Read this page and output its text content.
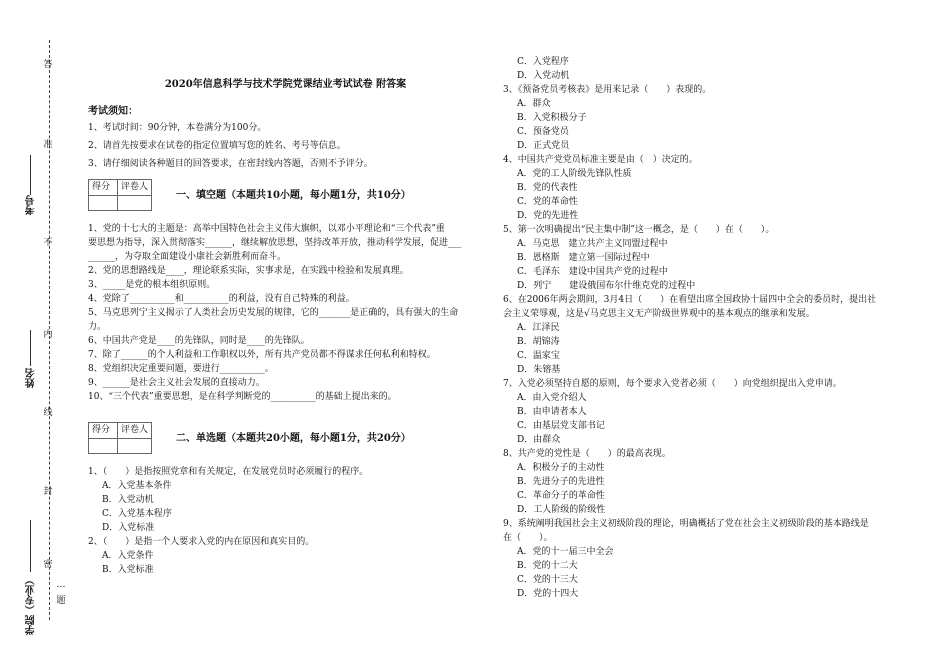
答
准
不
内
线
封
密
题
…
考号
姓名
学院（专业）
2020年信息科学与技术学院党课结业考试试卷 附答案
考试须知：
1、考试时间：90分钟，本卷满分为100分。
2、请首先按要求在试卷的指定位置填写您的姓名、考号等信息。
3、请仔细阅读各种题目的回答要求，在密封线内答题，否则不予评分。
得分	评卷人

一、填空题（本题共10小题，每小题1分，共10分）
1、党的十七大的主题是：高举中国特色社会主义伟大旗帜，以邓小平理论和“三个代表”重
要思想为指导，深入贯彻落实______，继续解放思想，坚持改革开放，推动科学发展，促进___
______，为夺取全面建设小康社会新胜利而奋斗。
2、党的思想路线是____，理论联系实际，实事求是，在实践中检验和发展真理。
3、_____是党的根本组织原则。
4、党除了__________和__________的利益，没有自己特殊的利益。
5、马克思列宁主义揭示了人类社会历史发展的规律，它的_______是正确的，具有强大的生命
力。
6、中国共产党是____的先锋队，同时是____的先锋队。
7、除了______的个人利益和工作职权以外，所有共产党员都不得谋求任何私利和特权。
8、党组织决定重要问题，要进行__________。
9、______是社会主义社会发展的直接动力。
10、“三个代表”重要思想，是在科学判断党的__________的基础上提出来的。
得分	评卷人

二、单选题（本题共20小题，每小题1分，共20分）
1、（　　）是指按照党章和有关规定，在发展党员时必须履行的程序。
A．入党基本条件
B．入党动机
C．入党基本程序
D．入党标准
2、（　　）是指一个人要求入党的内在原因和真实目的。
A．入党条件
B．入党标准
C．入党程序
D．入党动机
3、《预备党员考核表》是用来记录（　　）表现的。
A．群众
B．入党积极分子
C．预备党员
D．正式党员
4、中国共产党党员标准主要是由（　）决定的。
A．党的工人阶级先锋队性质
B．党的代表性
C．党的革命性
D．党的先进性
5、第一次明确提出“民主集中制”这一概念，是（　　）在（　　）。
A．马克思　建立共产主义同盟过程中
B．恩格斯　建立第一国际过程中
C．毛泽东　建设中国共产党的过程中
D．列宁　　建设俄国布尔什维克党的过程中
6、在2006年两会期间，3月4日（　　）在看望出席全国政协十届四中全会的委员时，提出社
会主义荣辱观，这是√马克思主义无产阶级世界观中的基本观点的继承和发展。
A．江泽民
B．胡锦涛
C．温家宝
D．朱镕基
7、入党必须坚持自愿的原则，每个要求入党者必须（　　）向党组织提出入党申请。
A．由入党介绍人
B．由申请者本人
C．由基层党支部书记
D．由群众
8、共产党的党性是（　　）的最高表现。
A．积极分子的主动性
B．先进分子的先进性
C．革命分子的革命性
D．工人阶级的阶级性
9、系统阐明我国社会主义初级阶段的理论，明确概括了党在社会主义初级阶段的基本路线是
在（　　）。
A．党的十一届三中全会
B．党的十二大
C．党的十三大
D．党的十四大
